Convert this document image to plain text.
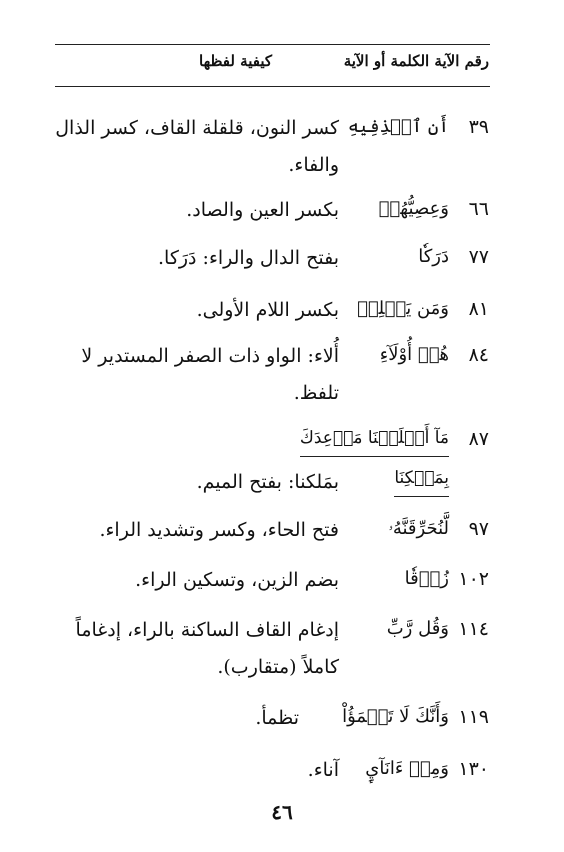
رقم الآية الكلمة أو الآية
كيفية لفظها
٣٩
أَنِ ٱقۡذِفِيهِ
كسر النون، قلقلة القاف، كسر الذال والفاء.
٦٦
وَعِصِيُّهُمۡ
بكسر العين والصاد.
٧٧
دَرَكٗا
بفتح الدال والراء: دَرَكا.
٨١
وَمَن يَحۡلِلۡ
بكسر اللام الأولى.
٨٤
هُمۡ أُوْلَآءِ
أُلاء: الواو ذات الصفر المستدير لا تلفظ.
٨٧
مَآ أَخۡلَفۡنَا مَوۡعِدَكَ
بِمَلۡكِنَا
بمَلكنا: بفتح الميم.
٩٧
لَّنُحَرِّقَنَّهُۥ
فتح الحاء، وكسر وتشديد الراء.
١٠٢
زُرۡقٗا
بضم الزين، وتسكين الراء.
١١٤
وَقُل رَّبِّ
إدغام القاف الساكنة بالراء، إدغاماً كاملاً (متقارب).
١١٩
وَأَنَّكَ لَا تَظۡمَؤُاْ
تظمأ.
١٣٠
وَمِنۡ ءَانَآيِٕ
آناء.
٤٦
